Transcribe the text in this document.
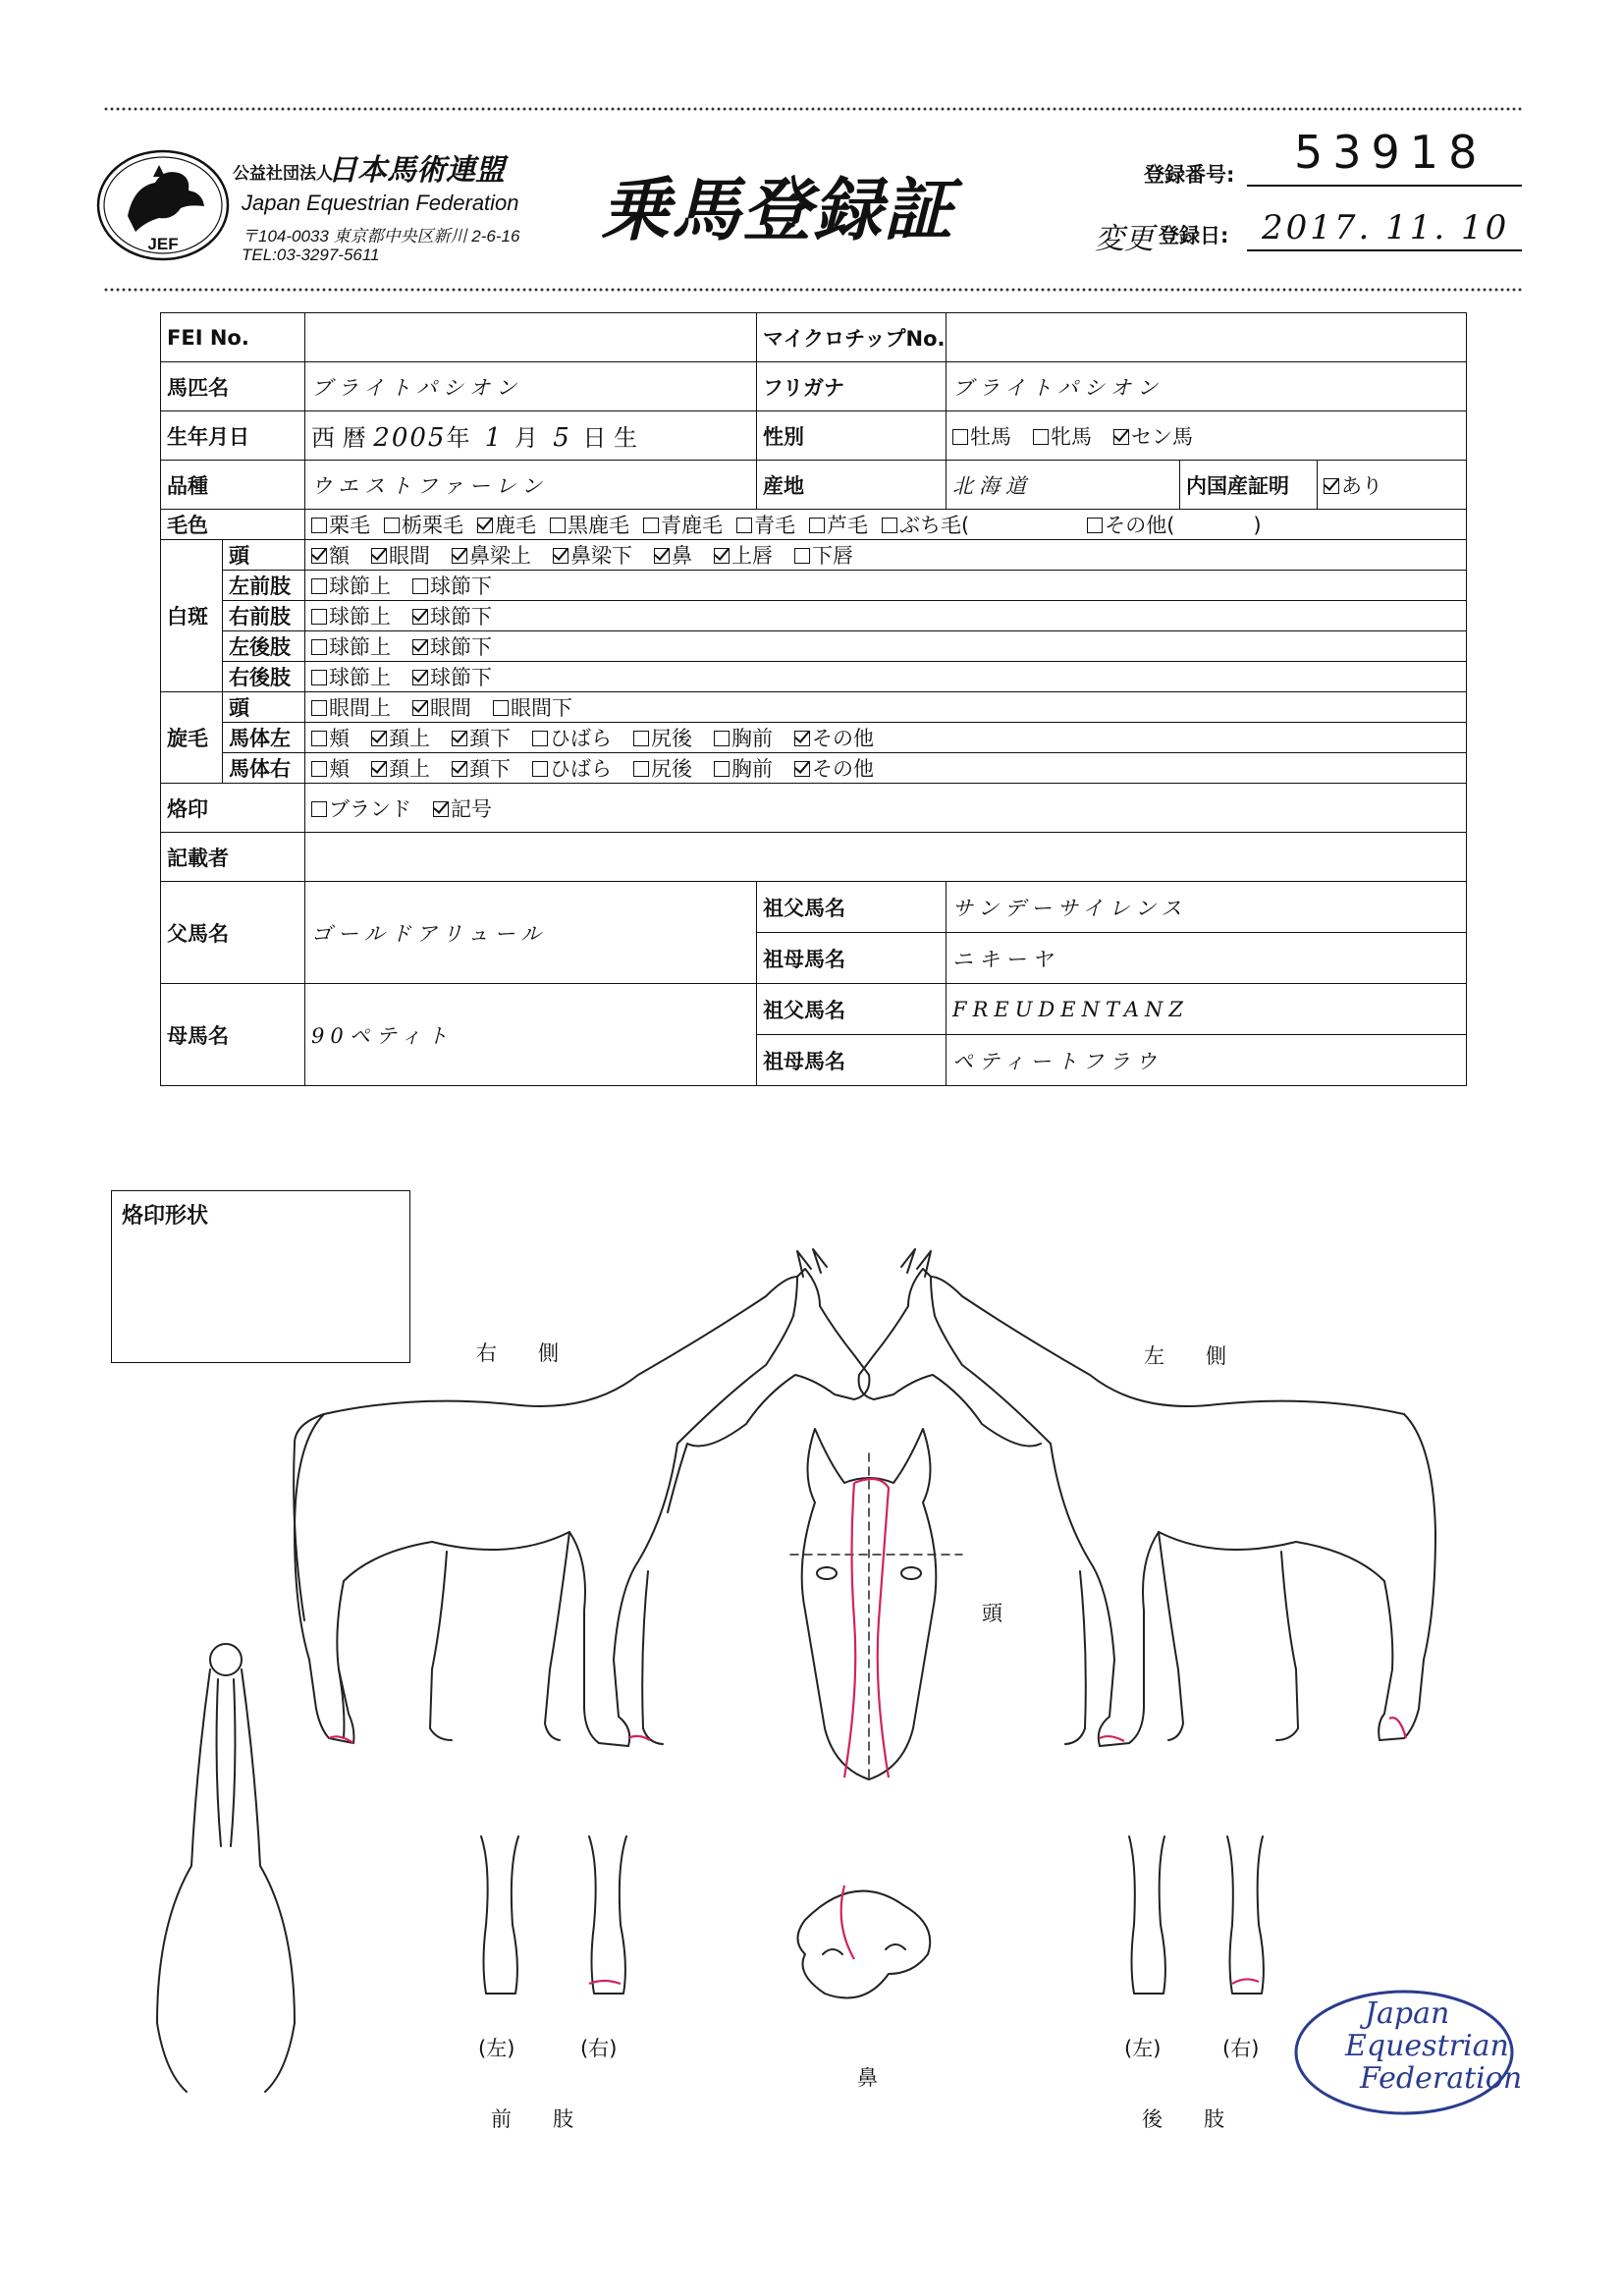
JEF
公益社団法人
日本馬術連盟
Japan Equestrian Federation
〒104-0033 東京都中央区新川 2-6-16
TEL:03-3297-5611
乗馬登録証	登録番号: 53918
変更 登録日: 2017. 11. 10
FEI No.			マイクロチップNo.			
馬匹名		ブライトパシオン	フリガナ	ブライトパシオン		
生年月日		西 暦 2005年 1 月 5 日 生	性別	牡馬 牝馬 セン馬		
品種		ウエストファーレン	産地	北海道	内国産証明	あり
毛色		栗毛 栃栗毛 鹿毛 黒鹿毛 青鹿毛 青毛 芦毛 ぶち毛( その他( )				
白斑	頭	額 眼間 鼻梁上 鼻梁下 鼻 上唇 下唇				
	左前肢	球節上 球節下				
	右前肢	球節上 球節下				
	左後肢	球節上 球節下				
	右後肢	球節上 球節下				
旋毛	頭	眼間上 眼間 眼間下				
	馬体左	頬 頚上 頚下 ひばら 尻後 胸前 その他				
	馬体右	頬 頚上 頚下 ひばら 尻後 胸前 その他				
烙印		ブランド 記号				
記載者						
父馬名		ゴールドアリュール	祖父馬名	サンデーサイレンス		
			祖母馬名	ニキーヤ		
母馬名		90ペティト	祖父馬名	FREUDENTANZ		
			祖母馬名	ペティートフラウ		
烙印形状
右　　側	左　　側
頭
鼻
(左)	(右)
前　　肢
(左)	(右)
後　　肢
Japan
Equestrian
Federation
